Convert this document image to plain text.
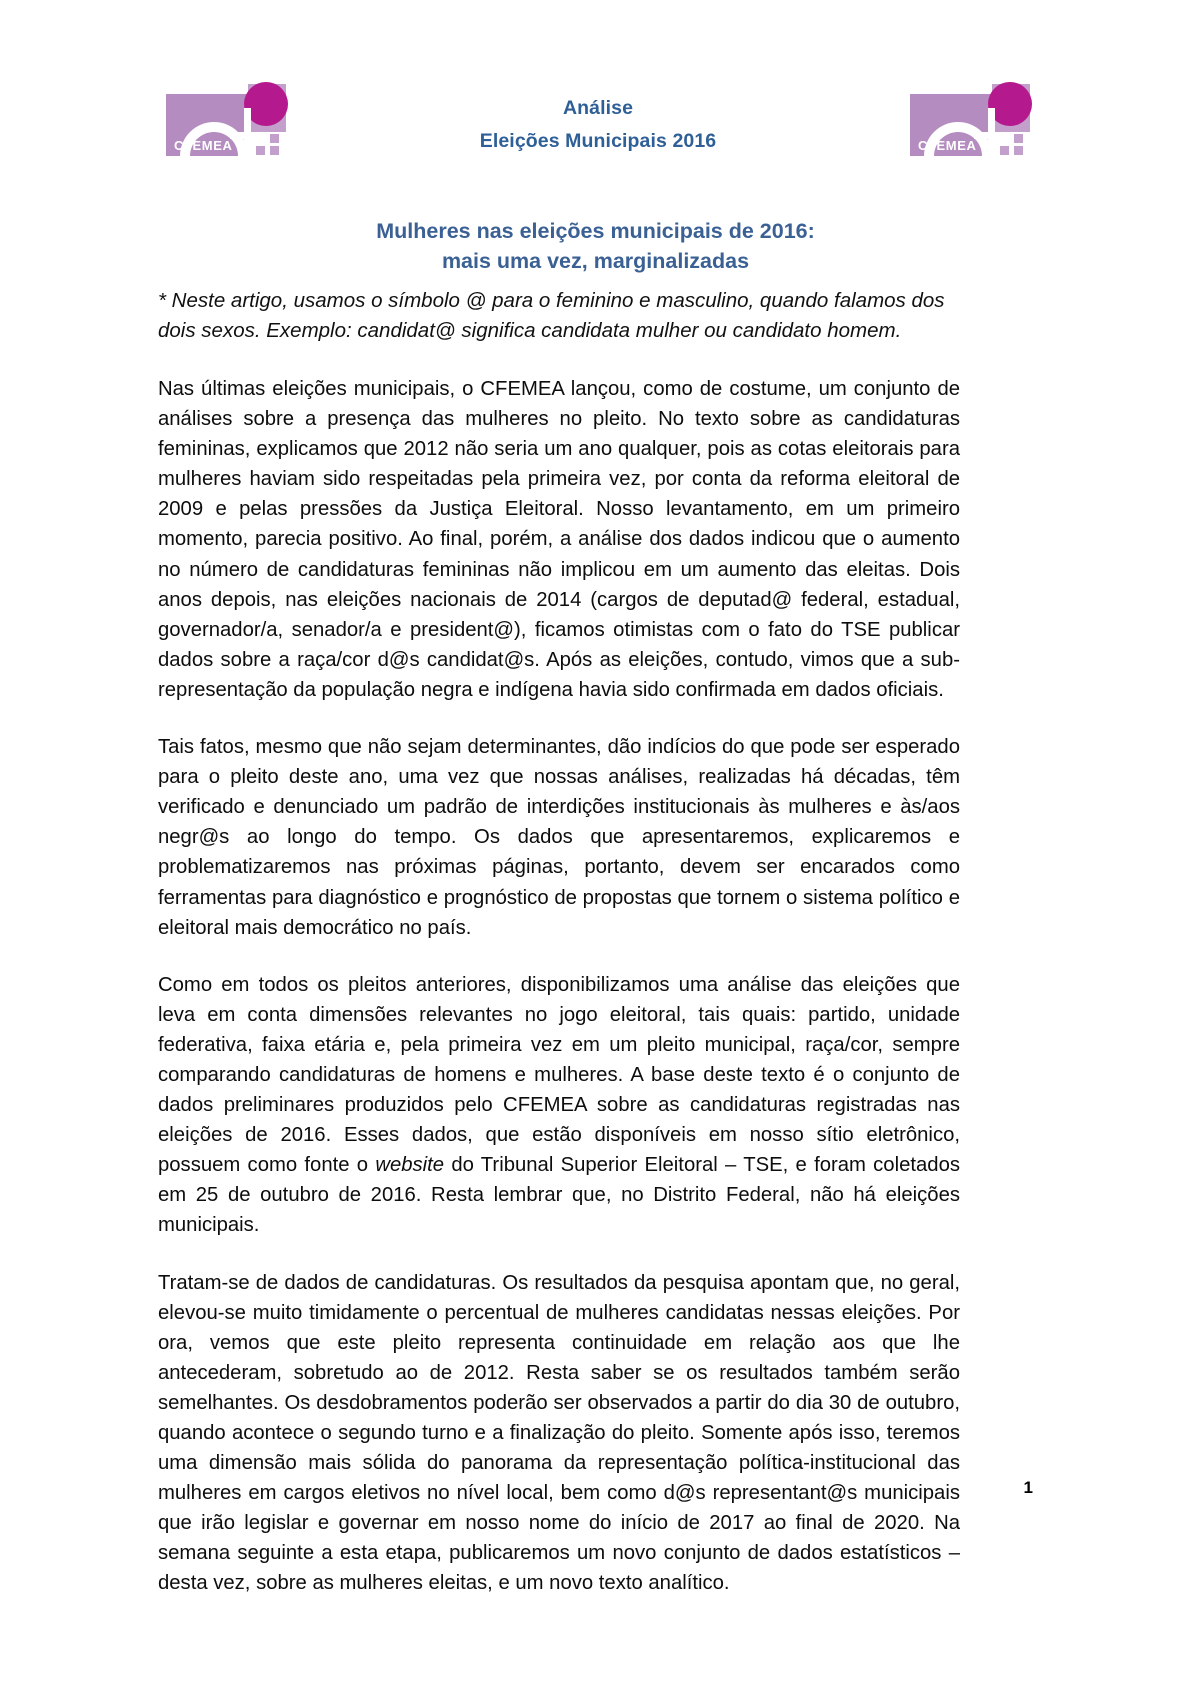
CFEMEA
Análise
Eleições Municipais 2016	CFEMEA
Mulheres nas eleições municipais de 2016:
mais uma vez, marginalizadas

* Neste artigo, usamos o símbolo @ para o feminino e masculino, quando falamos dos dois sexos. Exemplo: candidat@ significa candidata mulher ou candidato homem.

Nas últimas eleições municipais, o CFEMEA lançou, como de costume, um conjunto de análises sobre a presença das mulheres no pleito. No texto sobre as candidaturas femininas, explicamos que 2012 não seria um ano qualquer, pois as cotas eleitorais para mulheres haviam sido respeitadas pela primeira vez, por conta da reforma eleitoral de 2009 e pelas pressões da Justiça Eleitoral. Nosso levantamento, em um primeiro momento, parecia positivo. Ao final, porém, a análise dos dados indicou que o aumento no número de candidaturas femininas não implicou em um aumento das eleitas. Dois anos depois, nas eleições nacionais de 2014 (cargos de deputad@ federal, estadual, governador/a, senador/a e president@), ficamos otimistas com o fato do TSE publicar dados sobre a raça/cor d@s candidat@s. Após as eleições, contudo, vimos que a sub-representação da população negra e indígena havia sido confirmada em dados oficiais.

Tais fatos, mesmo que não sejam determinantes, dão indícios do que pode ser esperado para o pleito deste ano, uma vez que nossas análises, realizadas há décadas, têm verificado e denunciado um padrão de interdições institucionais às mulheres e às/aos negr@s ao longo do tempo. Os dados que apresentaremos, explicaremos e problematizaremos nas próximas páginas, portanto, devem ser encarados como ferramentas para diagnóstico e prognóstico de propostas que tornem o sistema político e eleitoral mais democrático no país.

Como em todos os pleitos anteriores, disponibilizamos uma análise das eleições que leva em conta dimensões relevantes no jogo eleitoral, tais quais: partido, unidade federativa, faixa etária e, pela primeira vez em um pleito municipal, raça/cor, sempre comparando candidaturas de homens e mulheres. A base deste texto é o conjunto de dados preliminares produzidos pelo CFEMEA sobre as candidaturas registradas nas eleições de 2016. Esses dados, que estão disponíveis em nosso sítio eletrônico, possuem como fonte o website do Tribunal Superior Eleitoral – TSE, e foram coletados em 25 de outubro de 2016. Resta lembrar que, no Distrito Federal, não há eleições municipais.

Tratam-se de dados de candidaturas. Os resultados da pesquisa apontam que, no geral, elevou-se muito timidamente o percentual de mulheres candidatas nessas eleições. Por ora, vemos que este pleito representa continuidade em relação aos que lhe antecederam, sobretudo ao de 2012. Resta saber se os resultados também serão semelhantes. Os desdobramentos poderão ser observados a partir do dia 30 de outubro, quando acontece o segundo turno e a finalização do pleito. Somente após isso, teremos uma dimensão mais sólida do panorama da representação política-institucional das mulheres em cargos eletivos no nível local, bem como d@s representant@s municipais que irão legislar e governar em nosso nome do início de 2017 ao final de 2020. Na semana seguinte a esta etapa, publicaremos um novo conjunto de dados estatísticos – desta vez, sobre as mulheres eleitas, e um novo texto analítico.

1
